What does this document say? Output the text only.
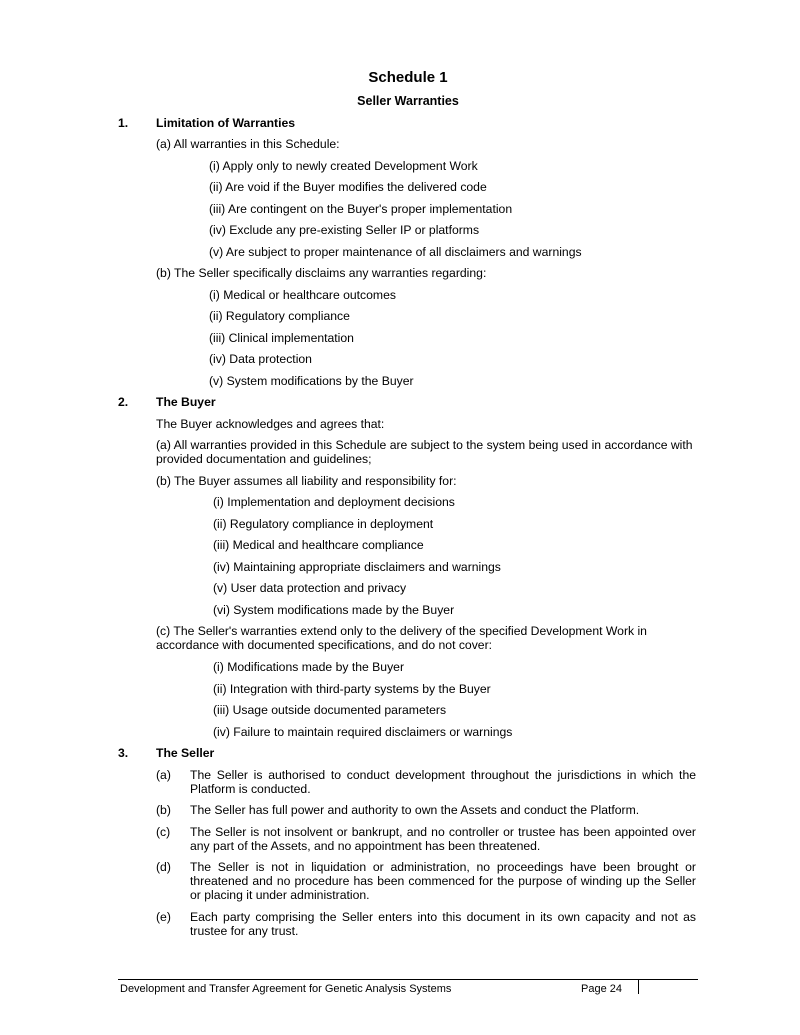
Schedule 1
Seller Warranties
1. Limitation of Warranties
(a) All warranties in this Schedule:
(i) Apply only to newly created Development Work
(ii) Are void if the Buyer modifies the delivered code
(iii) Are contingent on the Buyer's proper implementation
(iv) Exclude any pre-existing Seller IP or platforms
(v) Are subject to proper maintenance of all disclaimers and warnings
(b) The Seller specifically disclaims any warranties regarding:
(i) Medical or healthcare outcomes
(ii) Regulatory compliance
(iii) Clinical implementation
(iv) Data protection
(v) System modifications by the Buyer
2. The Buyer
The Buyer acknowledges and agrees that:
(a) All warranties provided in this Schedule are subject to the system being used in accordance with provided documentation and guidelines;
(b) The Buyer assumes all liability and responsibility for:
(i) Implementation and deployment decisions
(ii) Regulatory compliance in deployment
(iii) Medical and healthcare compliance
(iv) Maintaining appropriate disclaimers and warnings
(v) User data protection and privacy
(vi) System modifications made by the Buyer
(c) The Seller's warranties extend only to the delivery of the specified Development Work in accordance with documented specifications, and do not cover:
(i) Modifications made by the Buyer
(ii) Integration with third-party systems by the Buyer
(iii) Usage outside documented parameters
(iv) Failure to maintain required disclaimers or warnings
3. The Seller
(a) The Seller is authorised to conduct development throughout the jurisdictions in which the Platform is conducted.
(b) The Seller has full power and authority to own the Assets and conduct the Platform.
(c) The Seller is not insolvent or bankrupt, and no controller or trustee has been appointed over any part of the Assets, and no appointment has been threatened.
(d) The Seller is not in liquidation or administration, no proceedings have been brought or threatened and no procedure has been commenced for the purpose of winding up the Seller or placing it under administration.
(e) Each party comprising the Seller enters into this document in its own capacity and not as trustee for any trust.
Development and Transfer Agreement for Genetic Analysis Systems	Page 24
